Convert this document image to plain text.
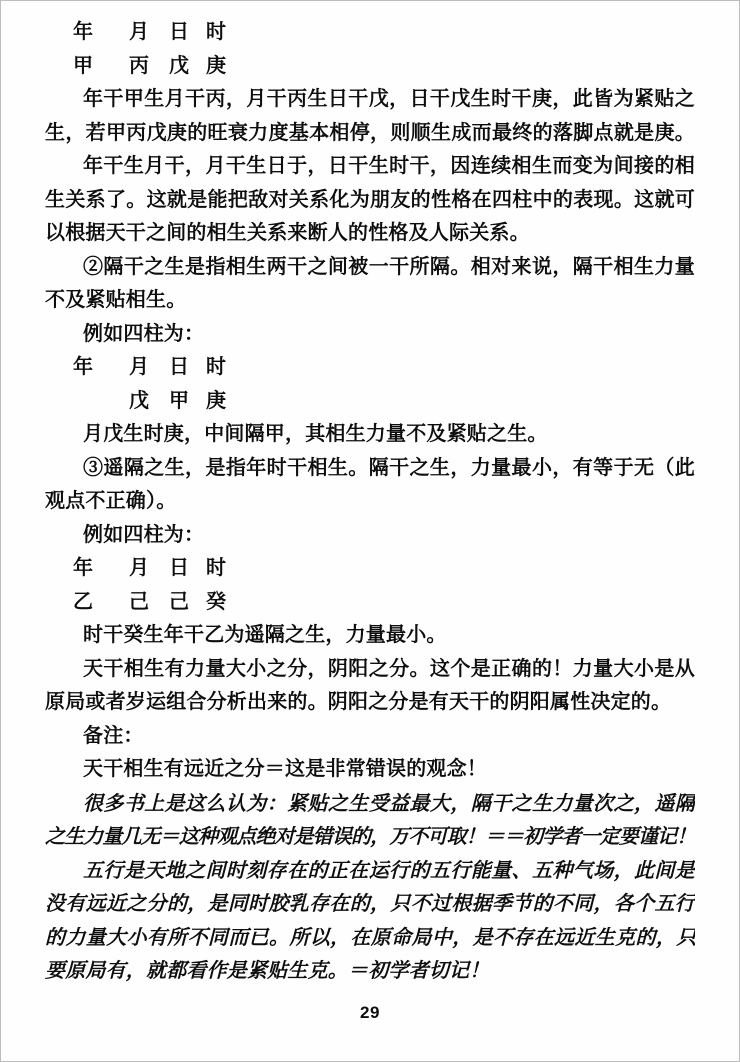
年 月 日 时
甲 丙 戊 庚
年干甲生月干丙，月干丙生日干戊，日干戊生时干庚，此皆为紧贴之
生，若甲丙戊庚的旺衰力度基本相停，则顺生成而最终的落脚点就是庚。
年干生月干，月干生日于，日干生时干，因连续相生而变为间接的相
生关系了。这就是能把敌对关系化为朋友的性格在四柱中的表现。这就可
以根据天干之间的相生关系来断人的性格及人际关系。
②隔干之生是指相生两干之间被一干所隔。相对来说，隔干相生力量
不及紧贴相生。
例如四柱为：
年 月 日 时
戊 甲 庚
月戊生时庚，中间隔甲，其相生力量不及紧贴之生。
③遥隔之生，是指年时干相生。隔干之生，力量最小，有等于无（此
观点不正确）。
例如四柱为：
年 月 日 时
乙 己 己 癸
时干癸生年干乙为遥隔之生，力量最小。
天干相生有力量大小之分，阴阳之分。这个是正确的！力量大小是从
原局或者岁运组合分析出来的。阴阳之分是有天干的阴阳属性决定的。
备注：
天干相生有远近之分＝这是非常错误的观念！
很多书上是这么认为：紧贴之生受益最大，隔干之生力量次之，遥隔
之生力量几无＝这种观点绝对是错误的，万不可取！＝＝初学者一定要谨记！
五行是天地之间时刻存在的正在运行的五行能量、五种气场，此间是
没有远近之分的，是同时胶乳存在的，只不过根据季节的不同，各个五行
的力量大小有所不同而已。所以，在原命局中，是不存在远近生克的，只
要原局有，就都看作是紧贴生克。＝初学者切记！
29
